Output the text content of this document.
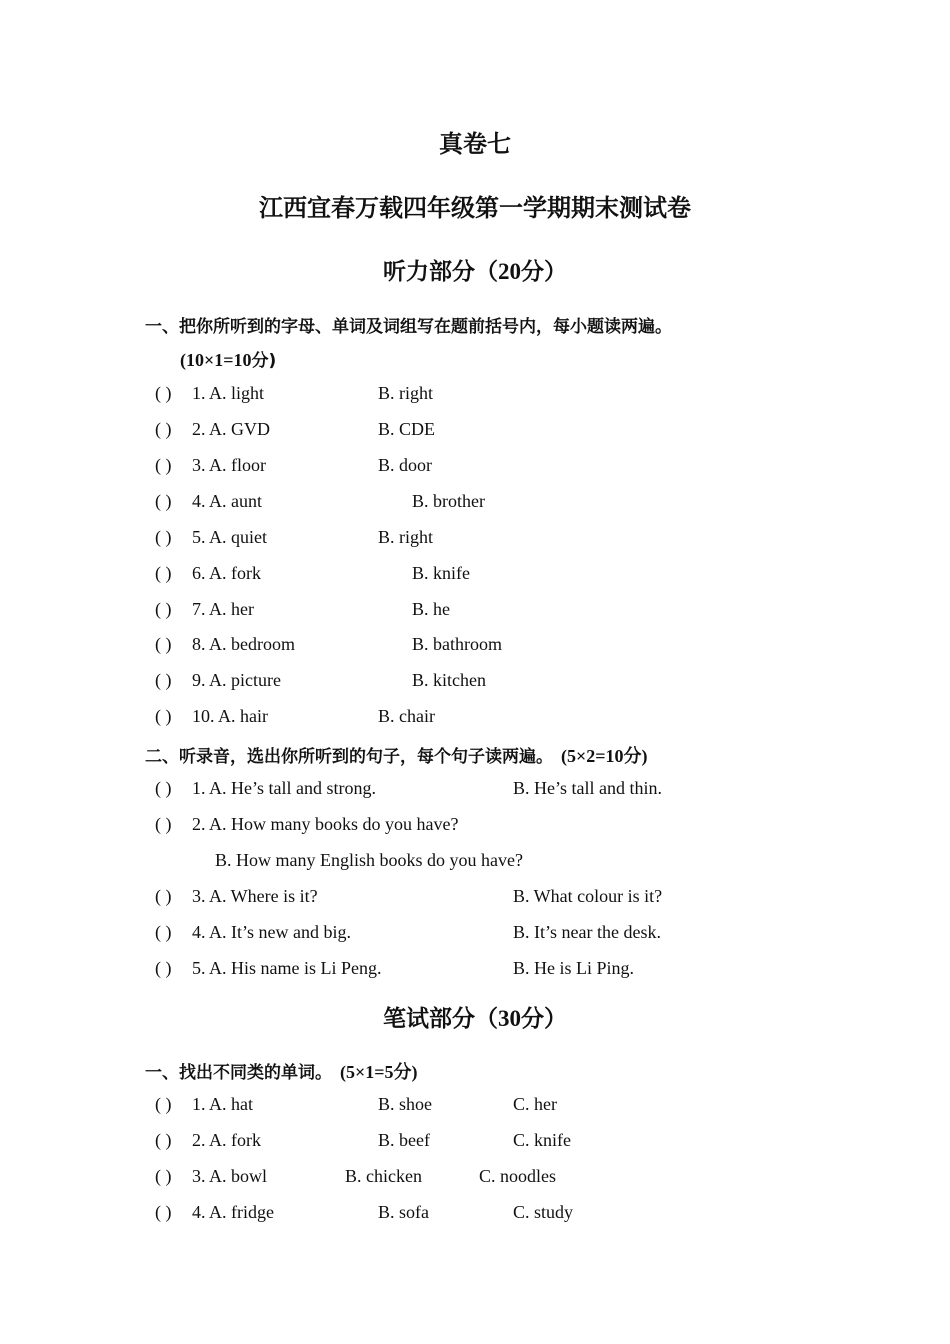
真卷七
江西宜春万载四年级第一学期期末测试卷
听力部分（20分）
一、把你所听到的字母、单词及词组写在题前括号内，每小题读两遍。
(10×1=10分)
( ) 1. A. light	B. right
( ) 2. A. GVD	B. CDE
( ) 3. A. floor	B. door
( ) 4. A. aunt	B. brother
( ) 5. A. quiet	B. right
( ) 6. A. fork	B. knife
( ) 7. A. her	B. he
( ) 8. A. bedroom	B. bathroom
( ) 9. A. picture	B. kitchen
( ) 10. A. hair	B. chair
二、听录音，选出你所听到的句子，每个句子读两遍。 (5×2=10分)
( ) 1. A. He’s tall and strong.	B. He’s tall and thin.
( ) 2. A. How many books do you have?
B. How many English books do you have?
( ) 3. A. Where is it?	B. What colour is it?
( ) 4. A. It’s new and big.	B. It’s near the desk.
( ) 5. A. His name is Li Peng.	B. He is Li Ping.
笔试部分（30分）
一、找出不同类的单词。 (5×1=5分)
( ) 1. A. hat	B. shoe	C. her
( ) 2. A. fork	B. beef	C. knife
( ) 3. A. bowl	B. chicken	C. noodles
( ) 4. A. fridge	B. sofa	C. study
